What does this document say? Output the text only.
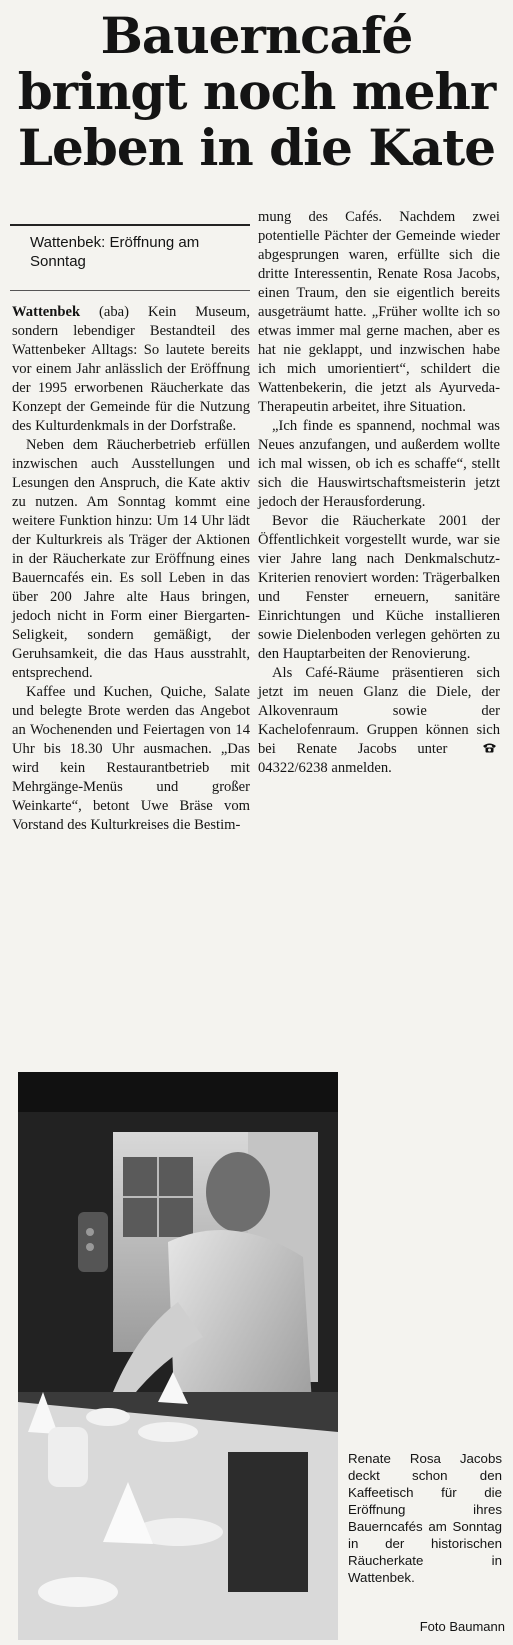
Bauerncafé
bringt noch mehr
Leben in die Kate
Wattenbek: Eröffnung am Sonntag

Wattenbek (aba) Kein Museum, sondern lebendiger Bestandteil des Wattenbeker Alltags: So lautete bereits vor einem Jahr anlässlich der Eröffnung der 1995 erworbenen Räucherkate das Konzept der Gemeinde für die Nutzung des Kulturdenkmals in der Dorfstraße.

Neben dem Räucherbetrieb erfüllen inzwischen auch Ausstellungen und Lesungen den Anspruch, die Kate aktiv zu nutzen. Am Sonntag kommt eine weitere Funktion hinzu: Um 14 Uhr lädt der Kulturkreis als Träger der Aktionen in der Räucherkate zur Eröffnung eines Bauerncafés ein. Es soll Leben in das über 200 Jahre alte Haus bringen, jedoch nicht in Form einer Biergarten-Seligkeit, sondern gemäßigt, der Geruhsamkeit, die das Haus ausstrahlt, entsprechend.

Kaffee und Kuchen, Quiche, Salate und belegte Brote werden das Angebot an Wochenenden und Feiertagen von 14 Uhr bis 18.30 Uhr ausmachen. „Das wird kein Restaurantbetrieb mit Mehrgänge-Menüs und großer Weinkarte“, betont Uwe Bräse vom Vorstand des Kulturkreises die Bestim-

mung des Cafés. Nachdem zwei potentielle Pächter der Gemeinde wieder abgesprungen waren, erfüllte sich die dritte Interessentin, Renate Rosa Jacobs, einen Traum, den sie eigentlich bereits ausgeträumt hatte. „Früher wollte ich so etwas immer mal gerne machen, aber es hat nie geklappt, und inzwischen habe ich mich umorientiert“, schildert die Wattenbekerin, die jetzt als Ayurveda-Therapeutin arbeitet, ihre Situation.

„Ich finde es spannend, nochmal was Neues anzufangen, und außerdem wollte ich mal wissen, ob ich es schaffe“, stellt sich die Hauswirtschaftsmeisterin jetzt jedoch der Herausforderung.

Bevor die Räucherkate 2001 der Öffentlichkeit vorgestellt wurde, war sie vier Jahre lang nach Denkmalschutz-Kriterien renoviert worden: Trägerbalken und Fenster erneuern, sanitäre Einrichtungen und Küche installieren sowie Dielenboden verlegen gehörten zu den Hauptarbeiten der Renovierung.

Als Café-Räume präsentieren sich jetzt im neuen Glanz die Diele, der Alkovenraum sowie der Kachelofenraum. Gruppen können sich bei Renate Jacobs unter 04322/6238 anmelden.

Renate Rosa Jacobs deckt schon den Kaffeetisch für die Eröffnung ihres Bauerncafés am Sonntag in der historischen Räucherkate in Wattenbek.
Foto Baumann
